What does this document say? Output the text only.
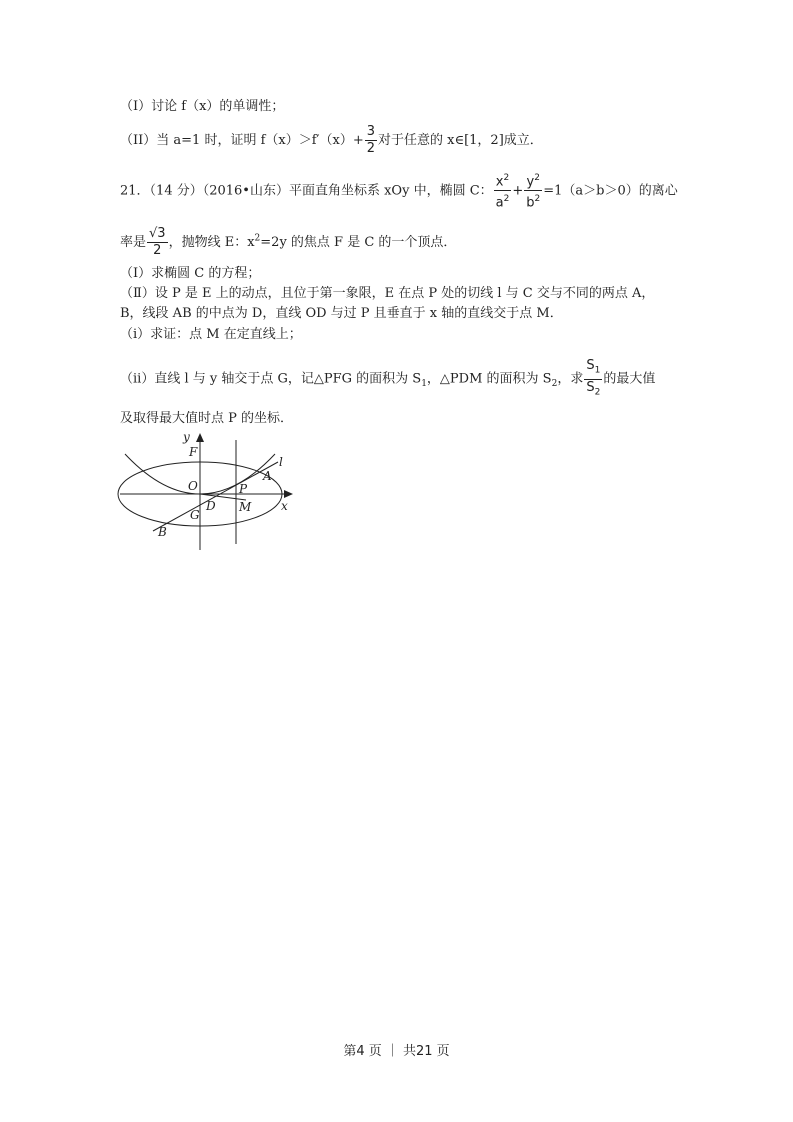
（I）讨论 f（x）的单调性；
（II）当 a=1 时，证明 $f(x)>f'(x)+ \frac{3}{2}$ 对于任意的 x∈[1，2]成立．
21．（14 分）（2016•山东）平面直角坐标系 xOy 中，椭圆 C： $\frac{x^2}{a^2} + \frac{y^2}{b^2} =1(a>b>0)$的离心
率是 $\frac{√3}{2}$ ，抛物线 E：$x^2=2y$ 的焦点 F 是 C 的一个顶点．
（I）求椭圆 C 的方程；
（Ⅱ）设 P 是 E 上的动点，且位于第一象限，E 在点 P 处的切线 l 与 C 交与不同的两点 A，
B，线段 AB 的中点为 D，直线 OD 与过 P 且垂直于 x 轴的直线交于点 M．
（i）求证：点 M 在定直线上；
（ii）直线 l 与 y 轴交于点 G，记△PFG 的面积为 $S_1$，△PDM 的面积为 $S_2$，求 $\frac{S_1}{S_2}$ 的最大值
及取得最大值时点 P 的坐标．
y
F
l
A
O	P
D M x
G
B
第4 页 ｜ 共21 页
